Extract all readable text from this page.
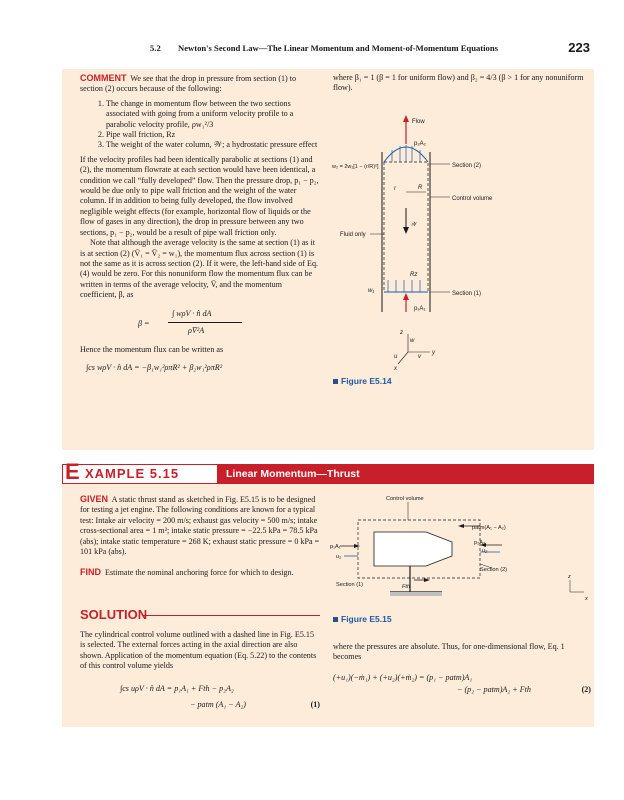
5.2 Newton's Second Law—The Linear Momentum and Moment-of-Momentum Equations	223

COMMENT We see that the drop in pressure from section (1) to section (2) occurs because of the following:

1. The change in momentum flow between the two sections associated with going from a uniform velocity profile to a parabolic velocity profile, ρw₁²/3
2. Pipe wall friction, Rz
3. The weight of the water column, 𝒲; a hydrostatic pressure effect

If the velocity profiles had been identically parabolic at sections (1) and (2), the momentum flowrate at each section would have been identical, a condition we call “fully developed” flow. Then the pressure drop, p₁ − p₂, would be due only to pipe wall friction and the weight of the water column. If in addition to being fully developed, the flow involved negligible weight effects (for example, horizontal flow of liquids or the flow of gases in any direction), the drop in pressure between any two sections, p₁ − p₂, would be a result of pipe wall friction only.

Note that although the average velocity is the same at section (1) as it is at section (2) (V̄₁ = V̄₂ = w₁), the momentum flux across section (1) is not the same as it is across section (2). If it were, the left-hand side of Eq. (4) would be zero. For this nonuniform flow the momentum flux can be written in terms of the average velocity, V̄, and the momentum coefficient, β, as

β =
∫ wρV · n̂ dA
ρV̄²A

Hence the momentum flux can be written as

∫cs wρV · n̂ dA = −β₁w₁²ρπR² + β₂w₁²ρπR²

where β₁ = 1 (β = 1 for uniform flow) and β₂ = 4/3 (β > 1 for any nonuniform flow).

Flow
p₂A₂
Section (2)
w₂ = 2w₁[1 − (r/R)²]
R
r
Control volume
𝒲
Fluid only
Rz
w₁	Section (1)
p₁A₁
z
w
u	v
y
x
Figure E5.14
E XAMPLE 5.15	Linear Momentum—Thrust

GIVEN A static thrust stand as sketched in Fig. E5.15 is to be designed for testing a jet engine. The following conditions are known for a typical test: Intake air velocity = 200 m/s; exhaust gas velocity = 500 m/s; intake cross-sectional area = 1 m²; intake static pressure = −22.5 kPa = 78.5 kPa (abs); intake static temperature = 268 K; exhaust static pressure = 0 kPa = 101 kPa (abs).

FIND Estimate the nominal anchoring force for which to design.

SOLUTION

The cylindrical control volume outlined with a dashed line in Fig. E5.15 is selected. The external forces acting in the axial direction are also shown. Application of the momentum equation (Eq. 5.22) to the contents of this control volume yields

∫cs uρV · n̂ dA = p₁A₁ + Fth − p₂A₂

− patm (A₁ − A₂)	(1)
Control volume
patm(A₁ − A₂)
p₂A₂
u₂
p₁A₁
u₁
Section (2)
Fth
Section (1)
z
x
Figure E5.15

where the pressures are absolute. Thus, for one-dimensional flow, Eq. 1 becomes

(+u₁)(−ṁ₁) + (+u₂)(+ṁ₂) = (p₁ − patm)A₁

− (p₂ − patm)A₂ + Fth	(2)
